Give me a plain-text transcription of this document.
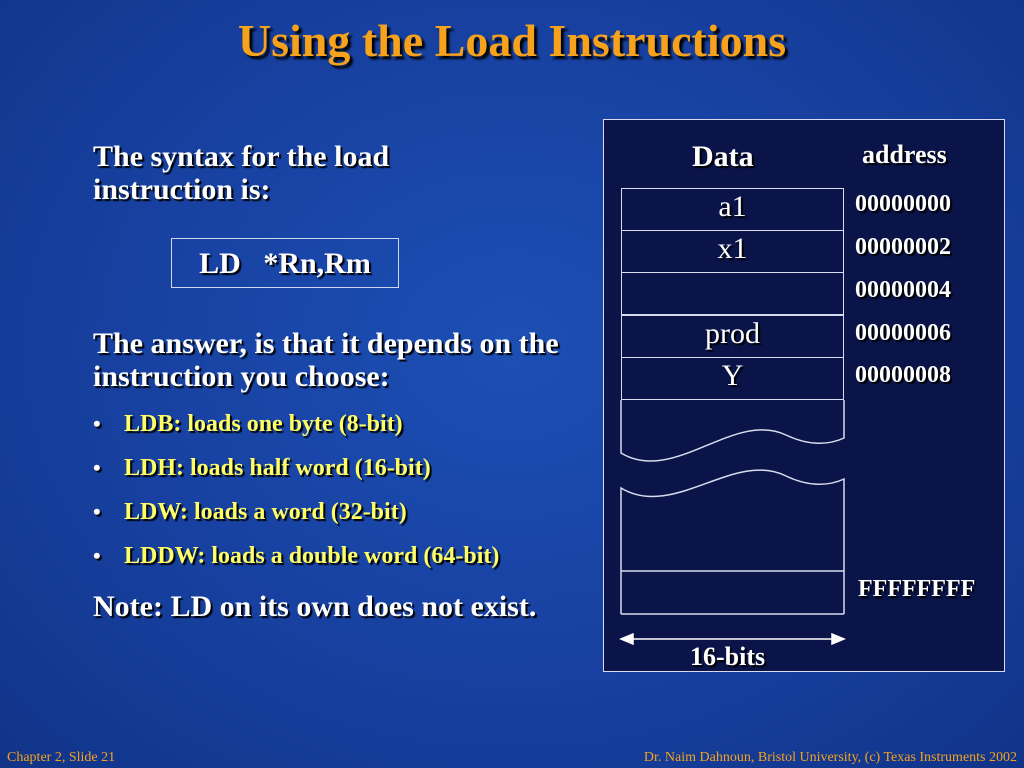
Using the Load Instructions
The syntax for the load instruction is:
LD   *Rn,Rm
The answer, is that it depends on the instruction you choose:
• LDB: loads one byte (8-bit)
• LDH: loads half word (16-bit)
• LDW: loads a word (32-bit)
• LDDW: loads a double word (64-bit)
Note: LD on its own does not exist.
Data	address
a1
x1
prod
Y
00000000
00000002
00000004
00000006
00000008
FFFFFFFF
16-bits
Chapter 2, Slide 21	Dr. Naim Dahnoun, Bristol University, (c) Texas Instruments 2002
